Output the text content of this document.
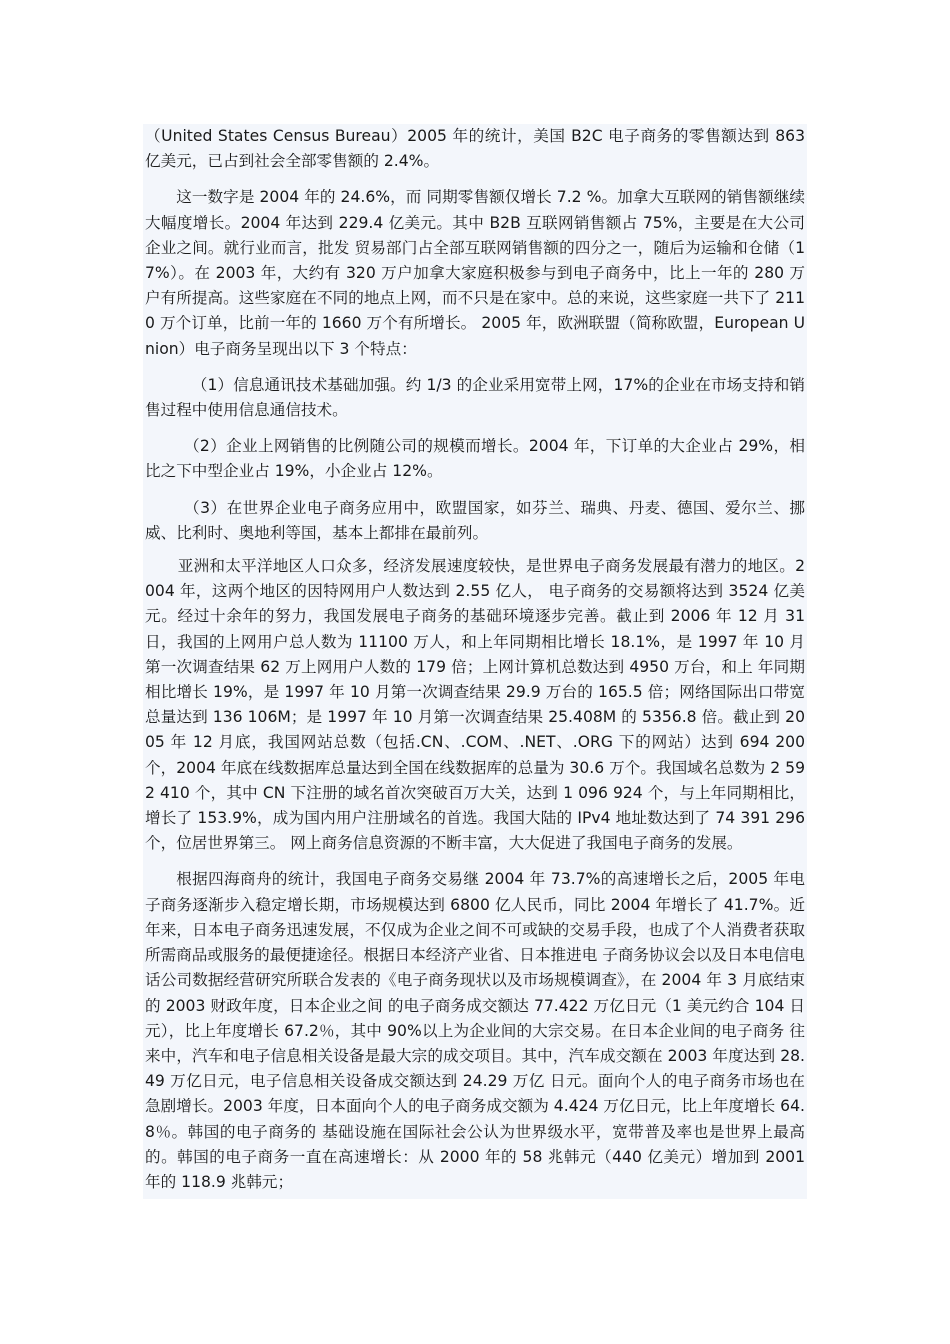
（United States Census Bureau）2005 年的统计，美国 B2C 电子商务的零售额达到 863 亿美元，已占到社会全部零售额的 2.4%。

这一数字是 2004 年的 24.6%，而 同期零售额仅增长 7.2 %。加拿大互联网的销售额继续大幅度增长。2004 年达到 229.4 亿美元。其中 B2B 互联网销售额占 75%，主要是在大公司企业之间。就行业而言，批发 贸易部门占全部互联网销售额的四分之一，随后为运输和仓储（17%）。在 2003 年，大约有 320 万户加拿大家庭积极参与到电子商务中，比上一年的 280 万户有所提高。这些家庭在不同的地点上网，而不只是在家中。总的来说，这些家庭一共下了 2110 万个订单，比前一年的 1660 万个有所增长。 2005 年，欧洲联盟（简称欧盟，European Union）电子商务呈现出以下 3 个特点：

（1）信息通讯技术基础加强。约 1/3 的企业采用宽带上网，17%的企业在市场支持和销售过程中使用信息通信技术。

（2）企业上网销售的比例随公司的规模而增长。2004 年，下订单的大企业占 29%，相比之下中型企业占 19%，小企业占 12%。

（3）在世界企业电子商务应用中，欧盟国家，如芬兰、瑞典、丹麦、德国、爱尔兰、挪威、比利时、奥地利等国，基本上都排在最前列。

亚洲和太平洋地区人口众多，经济发展速度较快，是世界电子商务发展最有潜力的地区。2004 年，这两个地区的因特网用户人数达到 2.55 亿人， 电子商务的交易额将达到 3524 亿美元。经过十余年的努力，我国发展电子商务的基础环境逐步完善。截止到 2006 年 12 月 31 日，我国的上网用户总人数为 11100 万人，和上年同期相比增长 18.1%，是 1997 年 10 月第一次调查结果 62 万上网用户人数的 179 倍；上网计算机总数达到 4950 万台，和上 年同期相比增长 19%，是 1997 年 10 月第一次调查结果 29.9 万台的 165.5 倍；网络国际出口带宽总量达到 136 106M；是 1997 年 10 月第一次调查结果 25.408M 的 5356.8 倍。截止到 2005 年 12 月底，我国网站总数（包括.CN、.COM、.NET、.ORG 下的网站）达到 694 200 个，2004 年底在线数据库总量达到全国在线数据库的总量为 30.6 万个。我国域名总数为 2 592 410 个，其中 CN 下注册的域名首次突破百万大关，达到 1 096 924 个，与上年同期相比，增长了 153.9%，成为国内用户注册域名的首选。我国大陆的 IPv4 地址数达到了 74 391 296 个，位居世界第三。 网上商务信息资源的不断丰富，大大促进了我国电子商务的发展。

根据四海商舟的统计，我国电子商务交易继 2004 年 73.7%的高速增长之后，2005 年电子商务逐渐步入稳定增长期，市场规模达到 6800 亿人民币，同比 2004 年增长了 41.7%。近年来，日本电子商务迅速发展，不仅成为企业之间不可或缺的交易手段，也成了个人消费者获取所需商品或服务的最便捷途径。根据日本经济产业省、日本推进电 子商务协议会以及日本电信电话公司数据经营研究所联合发表的《电子商务现状以及市场规模调查》，在 2004 年 3 月底结束的 2003 财政年度，日本企业之间 的电子商务成交额达 77.422 万亿日元（1 美元约合 104 日元），比上年度增长 67.2％，其中 90%以上为企业间的大宗交易。在日本企业间的电子商务 往来中，汽车和电子信息相关设备是最大宗的成交项目。其中，汽车成交额在 2003 年度达到 28.49 万亿日元，电子信息相关设备成交额达到 24.29 万亿 日元。面向个人的电子商务市场也在急剧增长。2003 年度，日本面向个人的电子商务成交额为 4.424 万亿日元，比上年度增长 64.8％。韩国的电子商务的 基础设施在国际社会公认为世界级水平，宽带普及率也是世界上最高的。韩国的电子商务一直在高速增长：从 2000 年的 58 兆韩元（440 亿美元）增加到 2001 年的 118.9 兆韩元；
